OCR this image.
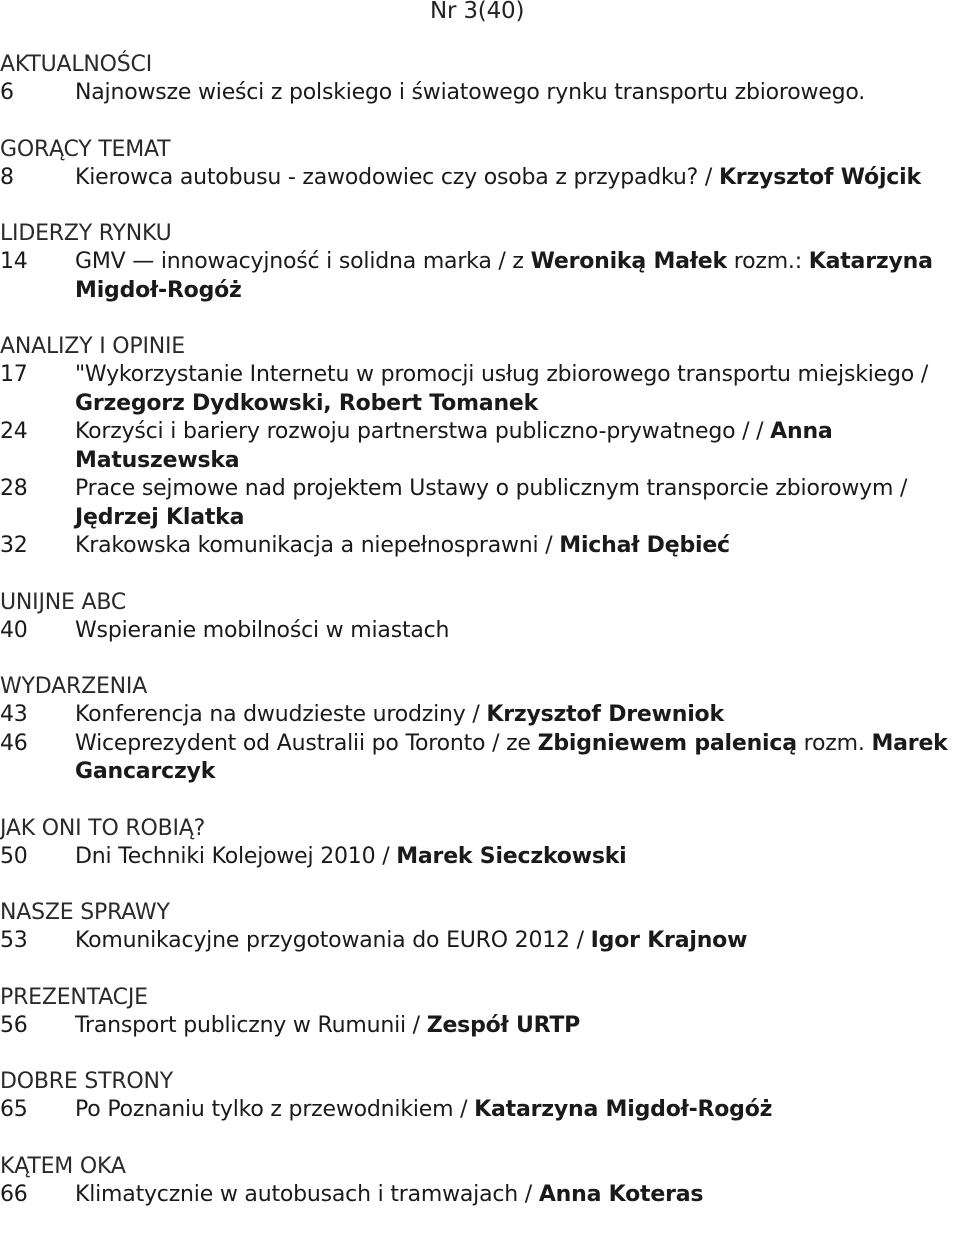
Nr 3(40)
AKTUALNOŚCI
6	Najnowsze wieści z polskiego i światowego rynku transportu zbiorowego.
GORĄCY TEMAT
8	Kierowca autobusu - zawodowiec czy osoba z przypadku? / Krzysztof Wójcik
LIDERZY RYNKU
14	GMV — innowacyjność i solidna marka / z Weroniką Małek rozm.: Katarzyna Migdoł-Rogóż
ANALIZY I OPINIE
17	"Wykorzystanie Internetu w promocji usług zbiorowego transportu miejskiego / Grzegorz Dydkowski, Robert Tomanek
24	Korzyści i bariery rozwoju partnerstwa publiczno-prywatnego / / Anna Matuszewska
28	Prace sejmowe nad projektem Ustawy o publicznym transporcie zbiorowym / Jędrzej Klatka
32	Krakowska komunikacja a niepełnosprawni / Michał Dębieć
UNIJNE ABC
40	Wspieranie mobilności w miastach
WYDARZENIA
43	Konferencja na dwudzieste urodziny / Krzysztof Drewniok
46	Wiceprezydent od Australii po Toronto / ze Zbigniewem palenicą rozm. Marek Gancarczyk
JAK ONI TO ROBIĄ?
50	Dni Techniki Kolejowej 2010 / Marek Sieczkowski
NASZE SPRAWY
53	Komunikacyjne przygotowania do EURO 2012 / Igor Krajnow
PREZENTACJE
56	Transport publiczny w Rumunii / Zespół URTP
DOBRE STRONY
65	Po Poznaniu tylko z przewodnikiem / Katarzyna Migdoł-Rogóż
KĄTEM OKA
66	Klimatycznie w autobusach i tramwajach / Anna Koteras
